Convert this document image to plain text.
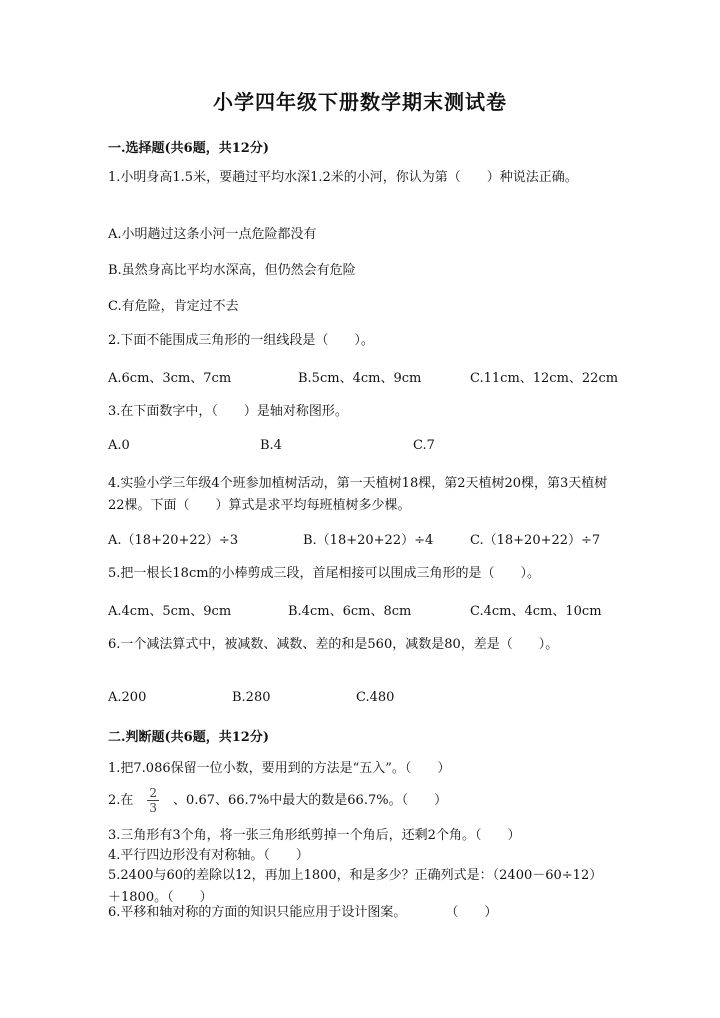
小学四年级下册数学期末测试卷
一.选择题(共6题，共12分)
1.小明身高1.5米，要趟过平均水深1.2米的小河，你认为第（　　）种说法正确。
A.小明趟过这条小河一点危险都没有
B.虽然身高比平均水深高，但仍然会有危险
C.有危险，肯定过不去
2.下面不能围成三角形的一组线段是（　　）。
A.6cm、3cm、7cm	B.5cm、4cm、9cm	C.11cm、12cm、22cm
3.在下面数字中，（　　）是轴对称图形。
A.0	B.4	C.7
4.实验小学三年级4个班参加植树活动，第一天植树18棵，第2天植树20棵，第3天植树22棵。下面（　　）算式是求平均每班植树多少棵。
A.（18+20+22）÷3	B.（18+20+22）÷4	C.（18+20+22）÷7
5.把一根长18cm的小棒剪成三段，首尾相接可以围成三角形的是（　　）。
A.4cm、5cm、9cm	B.4cm、6cm、8cm	C.4cm、4cm、10cm
6.一个减法算式中，被减数、减数、差的和是560，减数是80，差是（　　）。
A.200	B.280	C.480
二.判断题(共6题，共12分)
1.把7.086保留一位小数，要用到的方法是“五入”。（　　）
2.在 $\frac{2}{3}$ 、0.67、66.7%中最大的数是66.7%。（　　）
3.三角形有3个角，将一张三角形纸剪掉一个角后，还剩2个角。（　　）
4.平行四边形没有对称轴。（　　）
5.2400与60的差除以12，再加上1800，和是多少？正确列式是：（2400－60÷12）＋1800。（　　）
6.平移和轴对称的方面的知识只能应用于设计图案。　　　　（　　）
